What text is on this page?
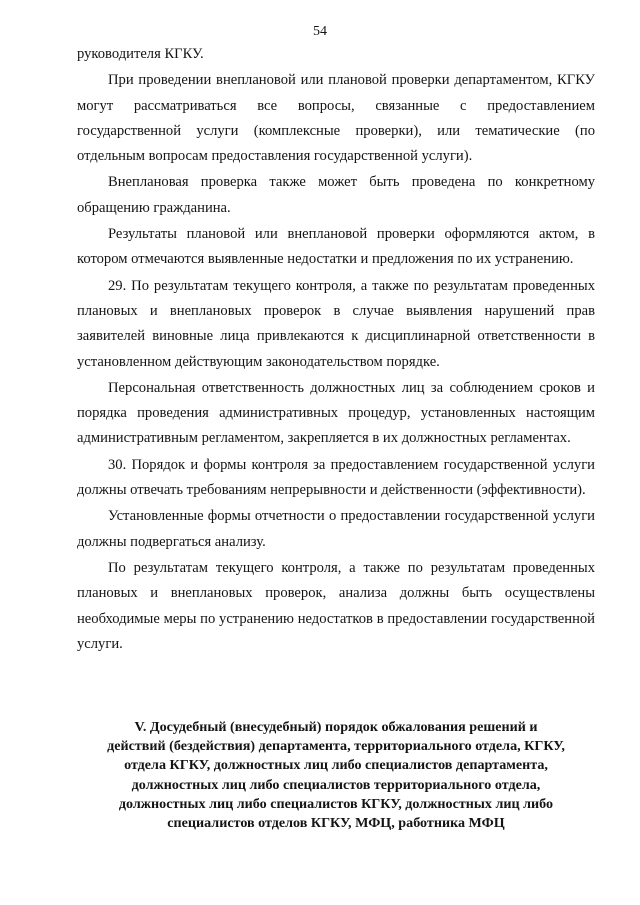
54

руководителя КГКУ.

При проведении внеплановой или плановой проверки департаментом, КГКУ могут рассматриваться все вопросы, связанные с предоставлением государственной услуги (комплексные проверки), или тематические (по отдельным вопросам предоставления государственной услуги).

Внеплановая проверка также может быть проведена по конкретному обращению гражданина.

Результаты плановой или внеплановой проверки оформляются актом, в котором отмечаются выявленные недостатки и предложения по их устранению.

29. По результатам текущего контроля, а также по результатам проведенных плановых и внеплановых проверок в случае выявления нарушений прав заявителей виновные лица привлекаются к дисциплинарной ответственности в установленном действующим законодательством порядке.

Персональная ответственность должностных лиц за соблюдением сроков и порядка проведения административных процедур, установленных настоящим административным регламентом, закрепляется в их должностных регламентах.

30. Порядок и формы контроля за предоставлением государственной услуги должны отвечать требованиям непрерывности и действенности (эффективности).

Установленные формы отчетности о предоставлении государственной услуги должны подвергаться анализу.

По результатам текущего контроля, а также по результатам проведенных плановых и внеплановых проверок, анализа должны быть осуществлены необходимые меры по устранению недостатков в предоставлении государственной услуги.

V. Досудебный (внесудебный) порядок обжалования решений и
действий (бездействия) департамента, территориального отдела, КГКУ,
отдела КГКУ, должностных лиц либо специалистов департамента,
должностных лиц либо специалистов территориального отдела,
должностных лиц либо специалистов КГКУ, должностных лиц либо
специалистов отделов КГКУ, МФЦ, работника МФЦ
